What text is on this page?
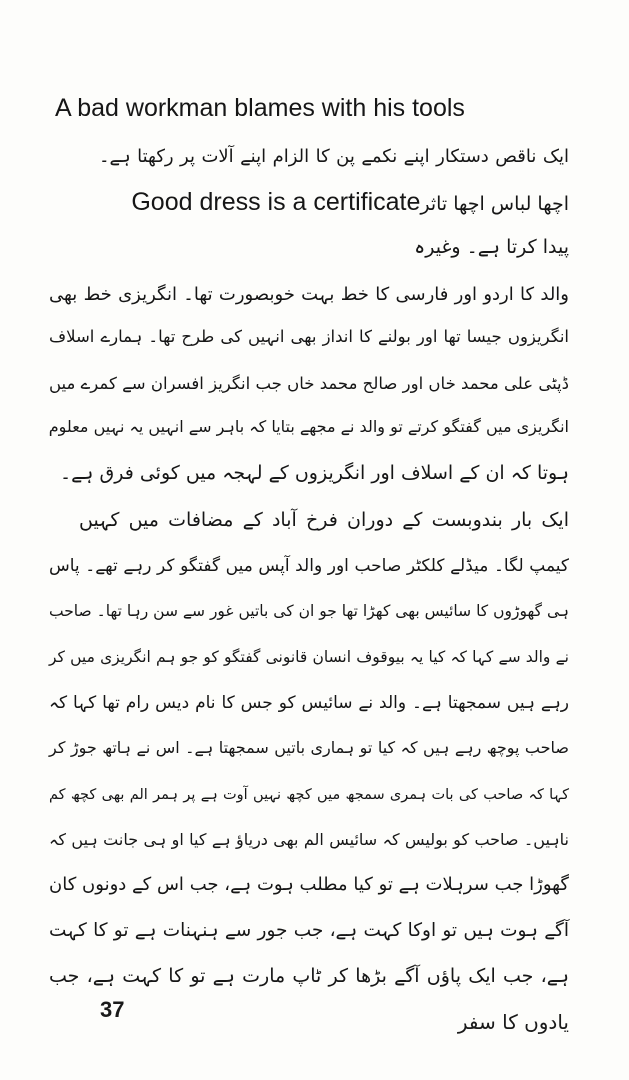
A bad workman blames with his tools
ایک ناقص دستکار اپنے نکمے پن کا الزام اپنے آلات پر رکھتا ہے۔
اچھا لباس اچھا تاثرGood dress is a certificate
پیدا کرتا ہے۔ وغیرہ
والد کا اردو اور فارسی کا خط بہت خوبصورت تھا۔ انگریزی خط بھی
انگریزوں جیسا تھا اور بولنے کا انداز بھی انہیں کی طرح تھا۔ ہمارے اسلاف
ڈپٹی علی محمد خاں اور صالح محمد خاں جب انگریز افسران سے کمرے میں
انگریزی میں گفتگو کرتے تو والد نے مجھے بتایا کہ باہر سے انہیں یہ نہیں معلوم
ہوتا کہ ان کے اسلاف اور انگریزوں کے لہجہ میں کوئی فرق ہے۔
ایک بار بندوبست کے دوران فرخ آباد کے مضافات میں کہیں
کیمپ لگا۔ میڈلے کلکٹر صاحب اور والد آپس میں گفتگو کر رہے تھے۔ پاس
ہی گھوڑوں کا سائیس بھی کھڑا تھا جو ان کی باتیں غور سے سن رہا تھا۔ صاحب
نے والد سے کہا کہ کیا یہ بیوقوف انسان قانونی گفتگو کو جو ہم انگریزی میں کر
رہے ہیں سمجھتا ہے۔ والد نے سائیس کو جس کا نام دیس رام تھا کہا کہ
صاحب پوچھ رہے ہیں کہ کیا تو ہماری باتیں سمجھتا ہے۔ اس نے ہاتھ جوڑ کر
کہا کہ صاحب کی بات ہمری سمجھ میں کچھ نہیں آوت ہے پر ہمر الم بھی کچھ کم
ناہیں۔ صاحب کو بولیس کہ سائیس الم بھی دریاؤ ہے کیا او ہی جانت ہیں کہ
گھوڑا جب سرہلات ہے تو کیا مطلب ہوت ہے، جب اس کے دونوں کان
آگے ہوت ہیں تو اوکا کہت ہے، جب جور سے ہنہنات ہے تو کا کہت
ہے، جب ایک پاؤں آگے بڑھا کر ٹاپ مارت ہے تو کا کہت ہے، جب
37	یادوں کا سفر
